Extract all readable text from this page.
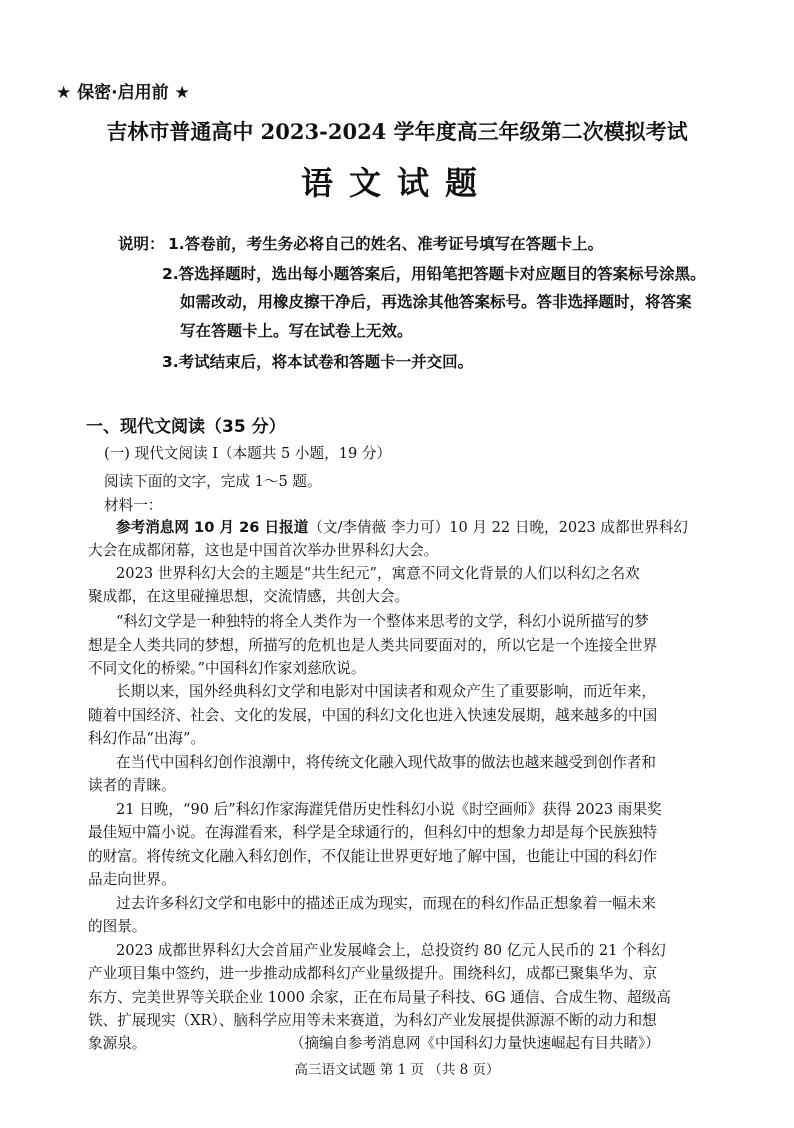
★ 保密·启用前 ★
吉林市普通高中 2023-2024 学年度高三年级第二次模拟考试
语文试题
说明： 1.答卷前，考生务必将自己的姓名、准考证号填写在答题卡上。
2.答选择题时，选出每小题答案后，用铅笔把答题卡对应题目的答案标号涂黑。
如需改动，用橡皮擦干净后，再选涂其他答案标号。答非选择题时，将答案
写在答题卡上。写在试卷上无效。
3.考试结束后，将本试卷和答题卡一并交回。
一、现代文阅读（35 分）
(一) 现代文阅读 I（本题共 5 小题，19 分）
阅读下面的文字，完成 1～5 题。
材料一：
参考消息网 10 月 26 日报道（文/李倩薇 李力可）10 月 22 日晚，2023 成都世界科幻
大会在成都闭幕，这也是中国首次举办世界科幻大会。
2023 世界科幻大会的主题是“共生纪元”，寓意不同文化背景的人们以科幻之名欢
聚成都，在这里碰撞思想，交流情感，共创大会。
“科幻文学是一种独特的将全人类作为一个整体来思考的文学，科幻小说所描写的梦
想是全人类共同的梦想，所描写的危机也是人类共同要面对的，所以它是一个连接全世界
不同文化的桥梁。”中国科幻作家刘慈欣说。
长期以来，国外经典科幻文学和电影对中国读者和观众产生了重要影响，而近年来，
随着中国经济、社会、文化的发展，中国的科幻文化也进入快速发展期，越来越多的中国
科幻作品“出海”。
在当代中国科幻创作浪潮中，将传统文化融入现代故事的做法也越来越受到创作者和
读者的青睐。
21 日晚，“90 后”科幻作家海漄凭借历史性科幻小说《时空画师》获得 2023 雨果奖
最佳短中篇小说。在海漄看来，科学是全球通行的，但科幻中的想象力却是每个民族独特
的财富。将传统文化融入科幻创作，不仅能让世界更好地了解中国，也能让中国的科幻作
品走向世界。
过去许多科幻文学和电影中的描述正成为现实，而现在的科幻作品正想象着一幅未来
的图景。
2023 成都世界科幻大会首届产业发展峰会上，总投资约 80 亿元人民币的 21 个科幻
产业项目集中签约，进一步推动成都科幻产业量级提升。围绕科幻，成都已聚集华为、京
东方、完美世界等关联企业 1000 余家，正在布局量子科技、6G 通信、合成生物、超级高
铁、扩展现实（XR）、脑科学应用等未来赛道，为科幻产业发展提供源源不断的动力和想
象源泉。	（摘编自参考消息网《中国科幻力量快速崛起有目共睹》）
高三语文试题 第 1 页 （共 8 页）
